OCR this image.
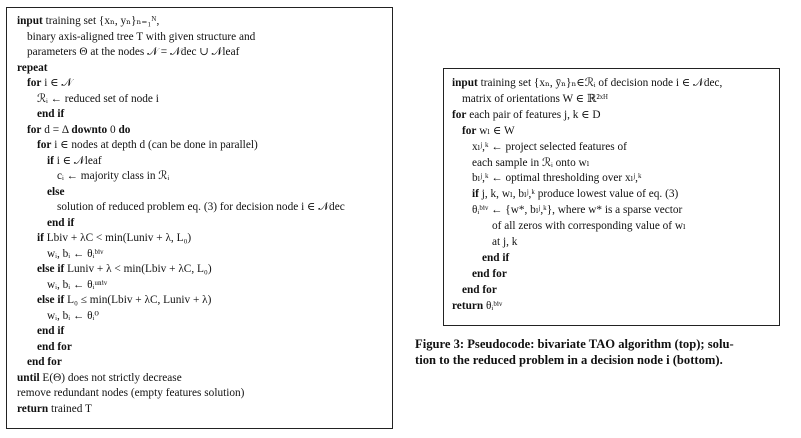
input training set {xₙ, yₙ}ₙ₌₁ᴺ,
binary axis-aligned tree T with given structure and
parameters Θ at the nodes 𝒩 = 𝒩dec ∪ 𝒩leaf
repeat
for i ∈ 𝒩
ℛᵢ ← reduced set of node i
end if
for d = Δ downto 0 do
for i ∈ nodes at depth d (can be done in parallel)
if i ∈ 𝒩leaf
cᵢ ← majority class in ℛᵢ
else
solution of reduced problem eq. (3) for decision node i ∈ 𝒩dec
end if
if Lbiv + λC < min(Luniv + λ, L₀)
wᵢ, bᵢ ← θᵢᵇⁱᵛ
else if Luniv + λ < min(Lbiv + λC, L₀)
wᵢ, bᵢ ← θᵢᵘⁿⁱᵛ
else if L₀ ≤ min(Lbiv + λC, Luniv + λ)
wᵢ, bᵢ ← θᵢ⁰
end if
end for
end for
until E(Θ) does not strictly decrease
remove redundant nodes (empty features solution)
return trained T
input training set {xₙ, ȳₙ}ₙ∈ℛᵢ of decision node i ∈ 𝒩dec,
matrix of orientations W ∈ ℝ²ˣᴴ
for each pair of features j, k ∈ D
for wₗ ∈ W
xₗʲ,ᵏ ← project selected features of
each sample in ℛᵢ onto wₗ
bₗʲ,ᵏ ← optimal thresholding over xₗʲ,ᵏ
if j, k, wₗ, bₗʲ,ᵏ produce lowest value of eq. (3)
θᵢᵇⁱᵛ ← {w*, bₗʲ,ᵏ}, where w* is a sparse vector
of all zeros with corresponding value of wₗ
at j, k
end if
end for
end for
return θᵢᵇⁱᵛ
Figure 3: Pseudocode: bivariate TAO algorithm (top); solu-
tion to the reduced problem in a decision node i (bottom).
